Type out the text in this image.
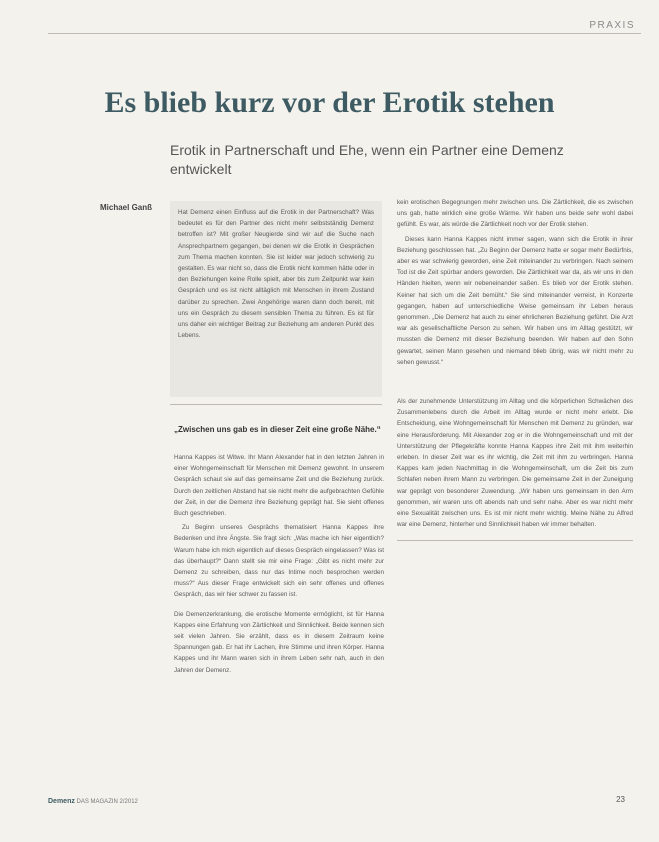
PRAXIS
Es blieb kurz vor der Erotik stehen

Erotik in Partnerschaft und Ehe, wenn ein Partner eine Demenz entwickelt

Michael Ganß
Hat Demenz einen Einfluss auf die Erotik in der Partnerschaft? Was bedeutet es für den Partner des nicht mehr selbstständig Demenz betroffen ist? Mit großer Neugierde sind wir auf die Suche nach Ansprechpartnern gegangen, bei denen wir die Erotik in Gesprächen zum Thema machen konnten. Sie ist leider war jedoch schwierig zu gestalten. Es war nicht so, dass die Erotik nicht kommen hätte oder in den Beziehungen keine Rolle spielt, aber bis zum Zeitpunkt war kein Gespräch und es ist nicht alltäglich mit Menschen in ihrem Zustand darüber zu sprechen. Zwei Angehörige waren dann doch bereit, mit uns ein Gespräch zu diesem sensiblen Thema zu führen. Es ist für uns daher ein wichtiger Beitrag zur Beziehung am anderen Punkt des Lebens.
„Zwischen uns gab es in dieser Zeit eine große Nähe.“

Hanna Kappes ist Witwe. Ihr Mann Alexander hat in den letzten Jahren in einer Wohngemeinschaft für Menschen mit Demenz gewohnt. In unserem Gespräch schaut sie auf das gemeinsame Zeit und die Beziehung zurück. Durch den zeitlichen Abstand hat sie nicht mehr die aufgebrachten Gefühle der Zeit, in der die Demenz ihre Beziehung geprägt hat. Sie sieht offenes Buch geschrieben.

Zu Beginn unseres Gesprächs thematisiert Hanna Kappes ihre Bedenken und ihre Ängste. Sie fragt sich: „Was mache ich hier eigentlich? Warum habe ich mich eigentlich auf dieses Gespräch eingelassen? Was ist das überhaupt?“ Dann stellt sie mir eine Frage: „Gibt es nicht mehr zur Demenz zu schreiben, dass nur das Intime noch besprochen werden muss?“ Aus dieser Frage entwickelt sich ein sehr offenes und offenes Gespräch, das wir hier schwer zu fassen ist.

Die Demenzerkrankung, die erotische Momente ermöglicht, ist für Hanna Kappes eine Erfahrung von Zärtlichkeit und Sinnlichkeit. Beide kennen sich seit vielen Jahren. Sie erzählt, dass es in diesem Zeitraum keine Spannungen gab. Er hat ihr Lachen, ihre Stimme und ihren Körper. Hanna Kappes und ihr Mann waren sich in ihrem Leben sehr nah, auch in den Jahren der Demenz.

kein erotischen Begegnungen mehr zwischen uns. Die Zärtlichkeit, die es zwischen uns gab, hatte wirklich eine große Wärme. Wir haben uns beide sehr wohl dabei gefühlt. Es war, als würde die Zärtlichkeit noch vor der Erotik stehen.

Dieses kann Hanna Kappes nicht immer sagen, wann sich die Erotik in ihrer Beziehung geschlossen hat. „Zu Beginn der Demenz hatte er sogar mehr Bedürfnis, aber es war schwierig geworden, eine Zeit miteinander zu verbringen. Nach seinem Tod ist die Zeit spürbar anders geworden. Die Zärtlichkeit war da, als wir uns in den Händen hielten, wenn wir nebeneinander saßen. Es blieb vor der Erotik stehen. Keiner hat sich um die Zeit bemüht.“ Sie sind miteinander verreist, in Konzerte gegangen, haben auf unterschiedliche Weise gemeinsam ihr Leben heraus genommen. „Die Demenz hat auch zu einer ehrlicheren Beziehung geführt. Die Arzt war als gesellschaftliche Person zu sehen. Wir haben uns im Alltag gestützt, wir mussten die Demenz mit dieser Beziehung beenden. Wir haben auf den Sohn gewartet, seinen Mann gesehen und niemand blieb übrig, was wir nicht mehr zu sehen gewusst.“

Als der zunehmende Unterstützung im Alltag und die körperlichen Schwächen des Zusammenlebens durch die Arbeit im Alltag wurde er nicht mehr erlebt. Die Entscheidung, eine Wohngemeinschaft für Menschen mit Demenz zu gründen, war eine Herausforderung. Mit Alexander zog er in die Wohngemeinschaft und mit der Unterstützung der Pflegekräfte konnte Hanna Kappes ihre Zeit mit ihm weiterhin erleben. In dieser Zeit war es ihr wichtig, die Zeit mit ihm zu verbringen. Hanna Kappes kam jeden Nachmittag in die Wohngemeinschaft, um die Zeit bis zum Schlafen neben ihrem Mann zu verbringen. Die gemeinsame Zeit in der Zuneigung war geprägt von besonderer Zuwendung. „Wir haben uns gemeinsam in den Arm genommen, wir waren uns oft abends nah und sehr nahe. Aber es war nicht mehr eine Sexualität zwischen uns. Es ist mir nicht mehr wichtig. Meine Nähe zu Alfred war eine Demenz, hinterher und Sinnlichkeit haben wir immer behalten.

Demenz DAS MAGAZIN 2/2012	23
